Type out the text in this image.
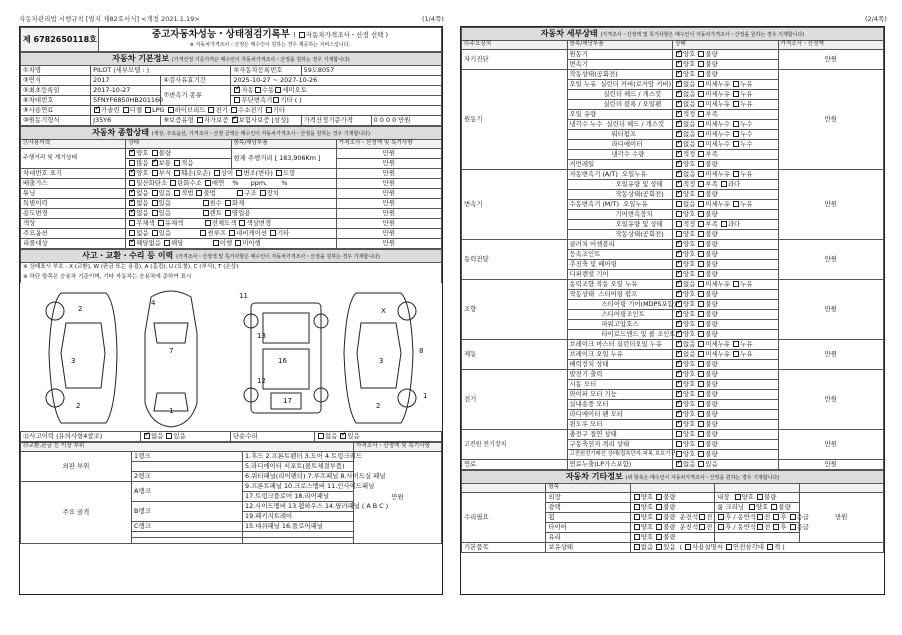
자동차관리법 시행규칙 [별지 제82호서식] <개정 2021.1.19>	(1/4쪽)	(2/4쪽)
제 6782650118호	중고자동차성능・상태점검기록부 ( 자동차가격조사・산정 선택 )
※ 자동차가격조사・산정은 매수인이 원하는 경우 제공하는 서비스입니다.
자동차 기본정보 (가격산정 기준가격은 매수인이 자동차가격조사・산정을 원하는 경우 기재합니다)					
①차명	PILOT (세부모델 : )		②자동차등록번호	59도8057	
③연식	2017	④검사유효기간	2025-10-27 ~ 2027-10-26		
⑤최초등록일	2017-10-27	⑦변속기 종류	✓자동 수동 세미오토
⑥차대번호	5FNYF6850HB201160		무단변속기 기타 ( )		
⑧사용연료	✓가솔린 디젤 LPG 하이브리드 전기 수소전기 기타
⑩원동기형식	J35Y6	⑨보증유형 자가보증 ✓ 보험사보증 [삼성]		가격산정기준가격	0 0 0 0 만원
자동차 종합상태 (색상, 주요옵션, 가격조사・산정 금액은 매수인이 자동차가격조사・산정을 원하는 경우 기재합니다)			
⑪사용이력	상태	항목/해당부품	가격조사・산정액 및 특기사항
주행거리 및 계기상태	✓양호 불량	현재 주행거리 [ 183,906Km ]	만원
	많음 ✓ 보통 적음		만원
차대번호 표기	✓양호 부식 훼손(오손) 상이 변조(변타) 도말		만원
배출가스	일산화탄소 탄화수소 매연 % ppm, %		만원
튜닝	✓없음 있음 적법 불법 구조 장치		만원
특별이력	✓없음 있음 침수 화재		만원
용도변경	✓없음 있음 렌트 영업용		만원
색상	무채색 유채색 전체도색 색상변경		만원
주요옵션	없음 있음 썬루프 네비게이션 기타		만원
리콜대상	✓해당없음 해당 이행 미이행		만원
사고・교환・수리 등 이력 (가격조사・산정액 및 특기사항은 매수인이 자동차가격조사・산정을 원하는 경우 기재합니다)
※ 상태표시 부호 : X (교환), W (판금 또는 용접), A (흠집), U (요철), C (부식), T (손상)
※ 하단 항목은 승용차 기준이며, 기타 자동차는 승용차에 준하여 표시

2
3
2
4
7
1
11
16
17
13
12
X
3
2
8
1
⑫사고이력 (유의사항4참조)	✓없음 있음	단순수리	없음 ✓ 있음
⑬교환,판금 등 이상 부위			가격조사・산정액 및 특기사항
외판 부위	1랭크	1.후드 2.프론트펜더 3.도어 4.트렁크리드	만원
		5.라디에이터 서포트(볼트체결부품)	
	2랭크	6.쿼터패널(리어펜더) 7.루프패널 8.사이드실 패널	
주요 골격	A랭크	9.프론트패널 10.크로스멤버 11.인사이드패널	
		17.트렁크플로어 18.리어패널	
	B랭크	12.사이드멤버 13.휠하우스 14.필러패널 ( A B C )	
		19.패키지트레이	
	C랭크	15.대쉬패널 16.플로어패널	

자동차 세부상태 (가격조사・산정액 및 특기사항은 매수인이 자동차가격조사・산정을 원하는 경우 기재합니다)			
⑭주요장치	항목/해당부품	상태	가격조사・산정액
자기진단	원동기	✓양호 불량	만원
	변속기	✓양호 불량
원동기	작동상태(공회전)	✓양호 불량	만원
	오일 누유 실린더 커버(로커암 커버)	✓없음 미세누유 누유
	실린더 헤드 / 개스킷	✓없음 미세누유 누유
	실린더 블록 / 오일팬	✓없음 미세누유 누유
	오일 유량	✓적정 부족
	냉각수 누수 실린더 헤드 / 개스킷	✓없음 미세누수 누수
	워터펌프	✓없음 미세누수 누수
	라디에이터	✓없음 미세누수 누수
	냉각수 수량	✓적정 부족
	커먼레일	✓양호 불량
변속기	자동변속기 (A/T) 오일누유	✓없음 미세누유 누유	만원
	오일유량 및 상태	✓적정 부족 과다
	작동상태(공회전)	✓양호 불량
	수동변속기 (M/T) 오일누유	없음 미세누유 누유	
	기어변속장치	양호 불량	
	오일유량 및 상태	적정 부족 과다	
	작동상태(공회전)	양호 불량	
동력전달	클러치 어셈블리	✓양호 불량	만원
	등속조인트	✓양호 불량
	추진축 및 베어링	✓양호 불량
	디퍼렌셜 기어	✓양호 불량
조향	동력조향 작동 오일 누유	✓없음 미세누유 누유	만원
	작동상태 스티어링 펌프	✓양호 불량
	스티어링 기어(MDPS포함)	✓양호 불량
	스티어링조인트	✓양호 불량
	파워고압호스	✓양호 불량
	타이로드엔드 및 볼 조인트	✓양호 불량
제동	브레이크 마스터 실린더오일 누유	✓없음 미세누유 누유	만원
	브레이크 오일 누유	✓없음 미세누유 누유
	배력장치 상태	✓양호 불량
전기	발전기 출력	✓양호 불량	만원
	시동 모터	✓양호 불량
	와이퍼 모터 기능	✓양호 불량
	실내송풍 모터	✓양호 불량
	라디에이터 팬 모터	✓양호 불량
	윈도우 모터	✓양호 불량
고전원 전기장치	충전구 절연 상태	양호 불량	만원
	구동축전지 격리 상태	양호 불량	
	고전원전기배선 상태(접속단자,피복,보호기구)	양호 불량	
연료	연료누출(LP가스포함)	✓없음 있음	만원
자동차 기타정보 (위 항목은 매수인이 자동차가격조사・산정을 원하는 경우 기재합니다)				
	항목			
수리필요	외장	양호 불량	내장 양호 불량	만원
	광택	양호 불량	룸 크리닝 양호 불량	
	휠	양호 불량 운전석 전	후 / 동반석 전 후 응급	
	타이어	양호 불량 운전석 전	후 / 동반석 전 후 응급	
	유리	양호 불량		
기본품목	보유상태	없음 있음  ( 사용설명서 안전삼각대 잭 )		
